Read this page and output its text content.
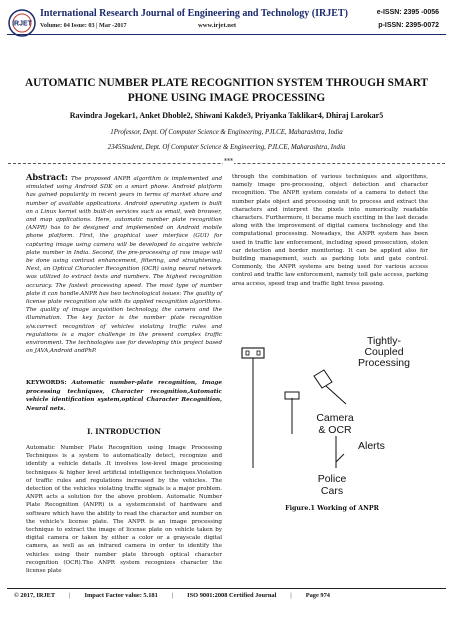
IRJET
International Research Journal of Engineering and Technology (IRJET)
Volume: 04 Issue: 03 | Mar -2017	www.irjet.net
e-ISSN: 2395 -0056
p-ISSN: 2395-0072
AUTOMATIC NUMBER PLATE RECOGNITION SYSTEM THROUGH SMART PHONE USING IMAGE PROCESSING
Ravindra Jogekar1, Anket Dhoble2, Shiwani Kakde3, Priyanka Taklikar4, Dhiraj Larokar5
1Professor, Dept. Of Computer Science & Engineering, PJLCE, Maharashtra, India
2345Student, Dept. Of Computer Science & Engineering, PJLCE, Maharashtra, India
***
Abstract: The proposed ANPR algorithm is implemented and simulated using Android SDK on a smart phone. Android platform has gained popularity in recent years in terms of market share and number of available applications. Android operating system is built on a Linux kernel with built-in services such as email, web browser, and map applications. Here, automatic number plate recognition (ANPR) has to be designed and implemented on Android mobile phone platform. First, the graphical user interface (GUI) for capturing image using camera will be developed to acquire vehicle plate number in India. Second, the pre-processing of raw image will be done using contrast enhancement, filtering, and straightening. Next, an Optical Character Recognition (OCR) using neural network was utilized to extract texts and numbers. The highest recognition accuracy. The fastest processing speed. The most type of number plate it can handle.ANPR has two technological issues: The quality of license plate recognition s/w with its applied recognition algorithms. The quality of image acquisition technology, the camera and the illumination. The key factor is the number plate recognition s/w.correct recognition of vehicles violating traffic rules and regulations is a major challenge in the present complex traffic environment. The technologies use for developing this project based on JAVA,Android andPhP.
KEYWORDS: Automatic number-plate recognition, Image processing techniques, Character recognition,Automatic vehicle identification system,optical Character Recognition, Neural nets.
I. INTRODUCTION
Automatic Number Plate Recognition using Image Processing Techniques is a system to automatically detect, recognize and identify a vehicle details .It involves low-level image processing techniques & higher level artificial intelligence techniques.Violation of traffic rules and regulations increased by the vehicles. The detection of the vehicles violating traffic signals is a major problem. ANPR acts a solution for the above problem. Automatic Number Plate Recognition (ANPR) is a systemconsist of hardware and software which have the ability to read the character and number on the vehicle's license plate. The ANPR is an image processing technique to extract the image of license plate on vehicle taken by digital camera or taken by either a color or a grayscale digital camera, as well as an infrared camera in order to identify the vehicles using their number plate through optical character recognition (OCR).The ANPR system recognizes character the license plate
through the combination of various techniques and algorithms, namely image pre-processing, object detection and character recognition. The ANPR system consists of a camera to detect the number plate object and processing unit to process and extract the characters and interpret the pixels into numerically readable characters. Furthermore, it became much exciting in the last decade along with the improvement of digital camera technology and the computational processing. Nowadays, the ANPR system has been used in traffic law enforcement, including speed prosecution, stolen car detection and border monitoring. It can be applied also for building management, such as parking lots and gate control. Commonly, the ANPR systems are being used for various access control and traffic law enforcement, namely toll gate access, parking area access, speed trap and traffic light tress passing.
Tightly-
Coupled
Processing
Camera
& OCR
Alerts
Police
Cars
Figure.1 Working of ANPR
© 2017, IRJET | Impact Factor value: 5.181 | ISO 9001:2008 Certified Journal | Page 974
